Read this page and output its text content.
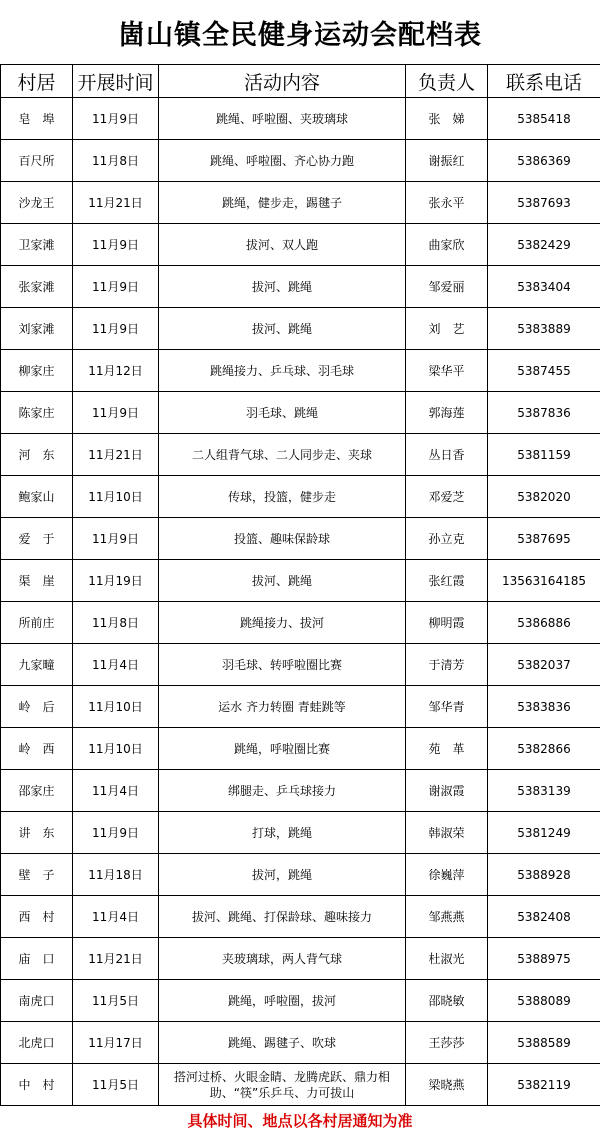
崮山镇全民健身运动会配档表
村居	开展时间	活动内容	负责人	联系电话
皂　埠	11月9日	跳绳、呼啦圈、夹玻璃球	张　娣	5385418
百尺所	11月8日	跳绳、呼啦圈、齐心协力跑	谢振红	5386369
沙龙王	11月21日	跳绳，健步走，踢毽子	张永平	5387693
卫家滩	11月9日	拔河、双人跑	曲家欣	5382429
张家滩	11月9日	拔河、跳绳	邹爱丽	5383404
刘家滩	11月9日	拔河、跳绳	刘　艺	5383889
柳家庄	11月12日	跳绳接力、乒乓球、羽毛球	梁华平	5387455
陈家庄	11月9日	羽毛球、跳绳	郭海莲	5387836
河　东	11月21日	二人组背气球、二人同步走、夹球	丛日香	5381159
鲍家山	11月10日	传球，投篮，健步走	邓爱芝	5382020
爱　于	11月9日	投篮、趣味保龄球	孙立克	5387695
渠　崖	11月19日	拔河、跳绳	张红霞	13563164185
所前庄	11月8日	跳绳接力、拔河	柳明霞	5386886
九家疃	11月4日	羽毛球、转呼啦圈比赛	于清芳	5382037
岭　后	11月10日	运水 齐力转圈 青蛙跳等	邹华青	5383836
岭　西	11月10日	跳绳，呼啦圈比赛	苑　革	5382866
邵家庄	11月4日	绑腿走、乒乓球接力	谢淑霞	5383139
讲　东	11月9日	打球，跳绳	韩淑荣	5381249
壁　子	11月18日	拔河，跳绳	徐巍萍	5388928
西　村	11月4日	拔河、跳绳、打保龄球、趣味接力	邹燕燕	5382408
庙　口	11月21日	夹玻璃球，两人背气球	杜淑光	5388975
南虎口	11月5日	跳绳，呼啦圈，拔河	邵晓敏	5388089
北虎口	11月17日	跳绳、踢毽子、吹球	王莎莎	5388589
中　村	11月5日	搭河过桥、火眼金睛、龙腾虎跃、鼎力相助、“筷”乐乒乓、力可拔山	梁晓燕	5382119
具体时间、地点以各村居通知为准
